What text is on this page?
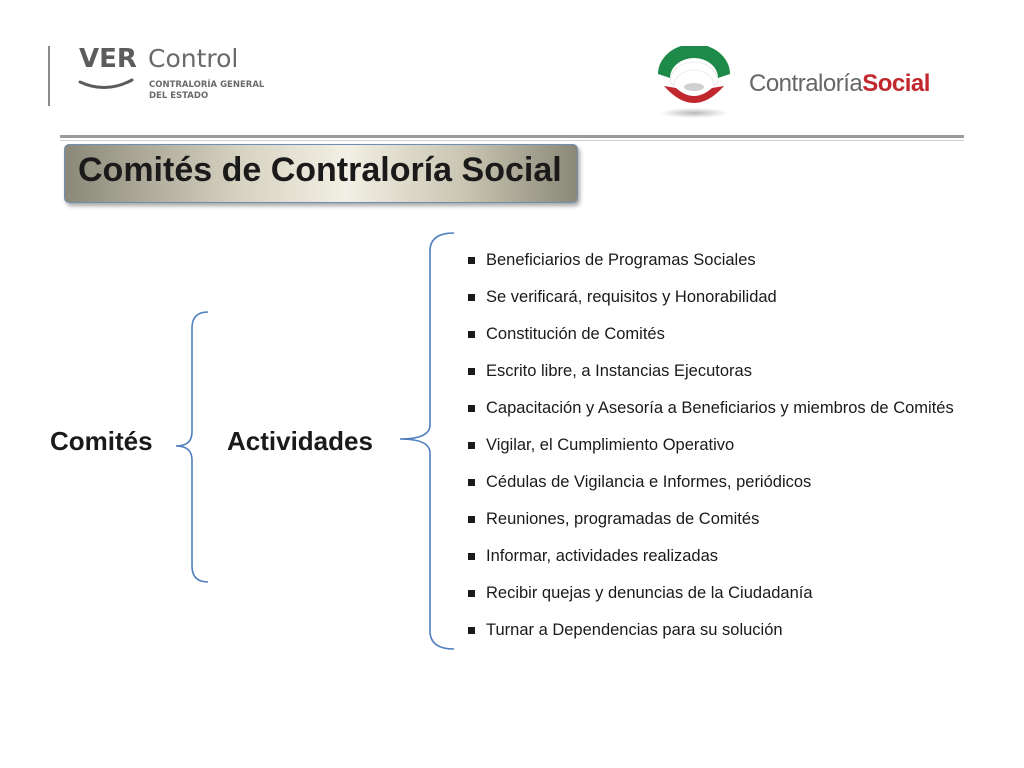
VER Control
CONTRALORÍA GENERAL
DEL ESTADO	ContraloríaSocial
Comités de Contraloría Social
Comités	Actividades
Beneficiarios de Programas Sociales
Se verificará, requisitos y Honorabilidad
Constitución de Comités
Escrito libre, a Instancias Ejecutoras
Capacitación y Asesoría a Beneficiarios y miembros de Comités
Vigilar, el Cumplimiento Operativo
Cédulas de Vigilancia e Informes, periódicos
Reuniones, programadas de Comités
Informar, actividades realizadas
Recibir quejas y denuncias de la Ciudadanía
Turnar a Dependencias para su solución
